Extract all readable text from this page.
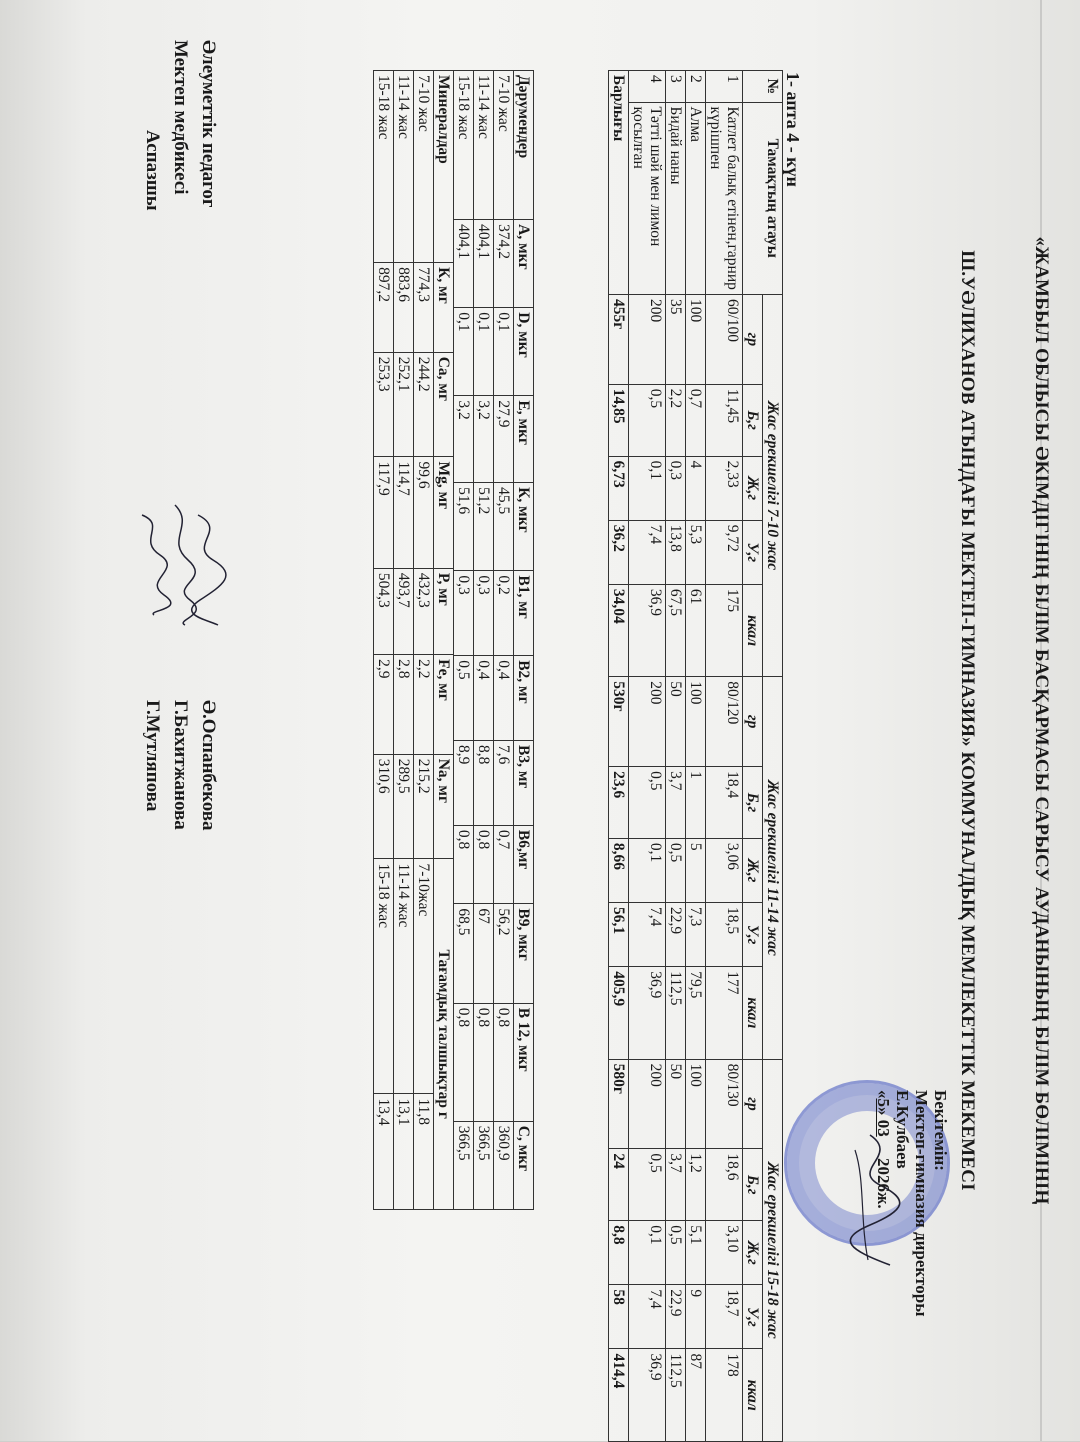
«ЖАМБЫЛ ОБЛЫСЫ ӘКІМДІГІНІҢ БІЛІМ БАСҚАРМАСЫ САРЫСУ АУДАНЫНЫҢ БІЛІМ БӨЛІМІНІҢ
Ш.УӘЛИХАНОВ АТЫНДАҒЫ МЕКТЕП-ГИМНАЗИЯ» КОММУНАЛДЫҚ МЕМЛЕКЕТТІК МЕКЕМЕСІ
Бекітемін:
Мектеп-гимназия директоры
Е.Кулбаев
«5» 03     2026ж.
1- апта 4 - күн
№	Тамақтың атауы	Жас ерекшелігі 7-10 жас					Жас ерекшелігі 11-14 жас					Жас ерекшелігі 15-18 жас				
		гр	Б,г	Ж,г	У,г	ккал	гр	Б,г	Ж,г	У,г	ккал	гр	Б,г	Ж,г	У,г	ккал
1	Катлет балық етінен,гарнир күрішпен	60/100	11,45	2,33	9,72	175	80/120	18,4	3,06	18,5	177	80/130	18,6	3,10	18,7	178
2	Алма	100	0,7	4	5,3	61	100	1	5	7,3	79,5	100	1,2	5,1	9	87
3	Бидай наны	35	2,2	0,3	13,8	67,5	50	3,7	0,5	22,9	112,5	50	3,7	0,5	22,9	112,5
4	Тәтті шәй мен лимон қосылған	200	0,5	0,1	7,4	36,9	200	0,5	0,1	7,4	36,9	200	0,5	0,1	7,4	36,9
Барлығы		455г	14,85	6,73	36,2	34,04	530г	23,6	8,66	56,1	405,9	580г	24	8,8	58	414,4
Дәрумендер	А, мкг	D, мкг	Е, мкг	К, мкг	В1, мг	В2, мг	В3, мг	В6,мг	В9, мкг	В 12, мкг	С, мкг
7-10 жас	374,2	0,1	27,9	45,5	0,2	0,4	7,6	0,7	56,2	0,8	360,9
11-14 жас	404,1	0,1	3,2	51,2	0,3	0,4	8,8	0,8	67	0,8	366,5
15-18 жас	404,1	0,1	3,2	51,6	0,3	0,5	8,9	0,8	68,5	0,8	366,5
Минералдар	К, мг	Са, мг	Mg, мг	Р, мг	Fe, мг	Na, мг	Тағамдық талшықтар г	
7-10 жас	774,3	244,2	99,6	432,3	2,2	215,2	7-10жас	11,8
11-14 жас	883,6	252,1	114,7	493,7	2,8	289,5	11-14 жас	13,1
15-18 жас	897,2	253,3	117,9	504,3	2,9	310,6	15-18 жас	13,4
Әлеуметтік педагог
Ә.Оспанбекова
Мектеп медбикесі
Г.Бахитжанова
Аспазшы
Г.Мутляпова
